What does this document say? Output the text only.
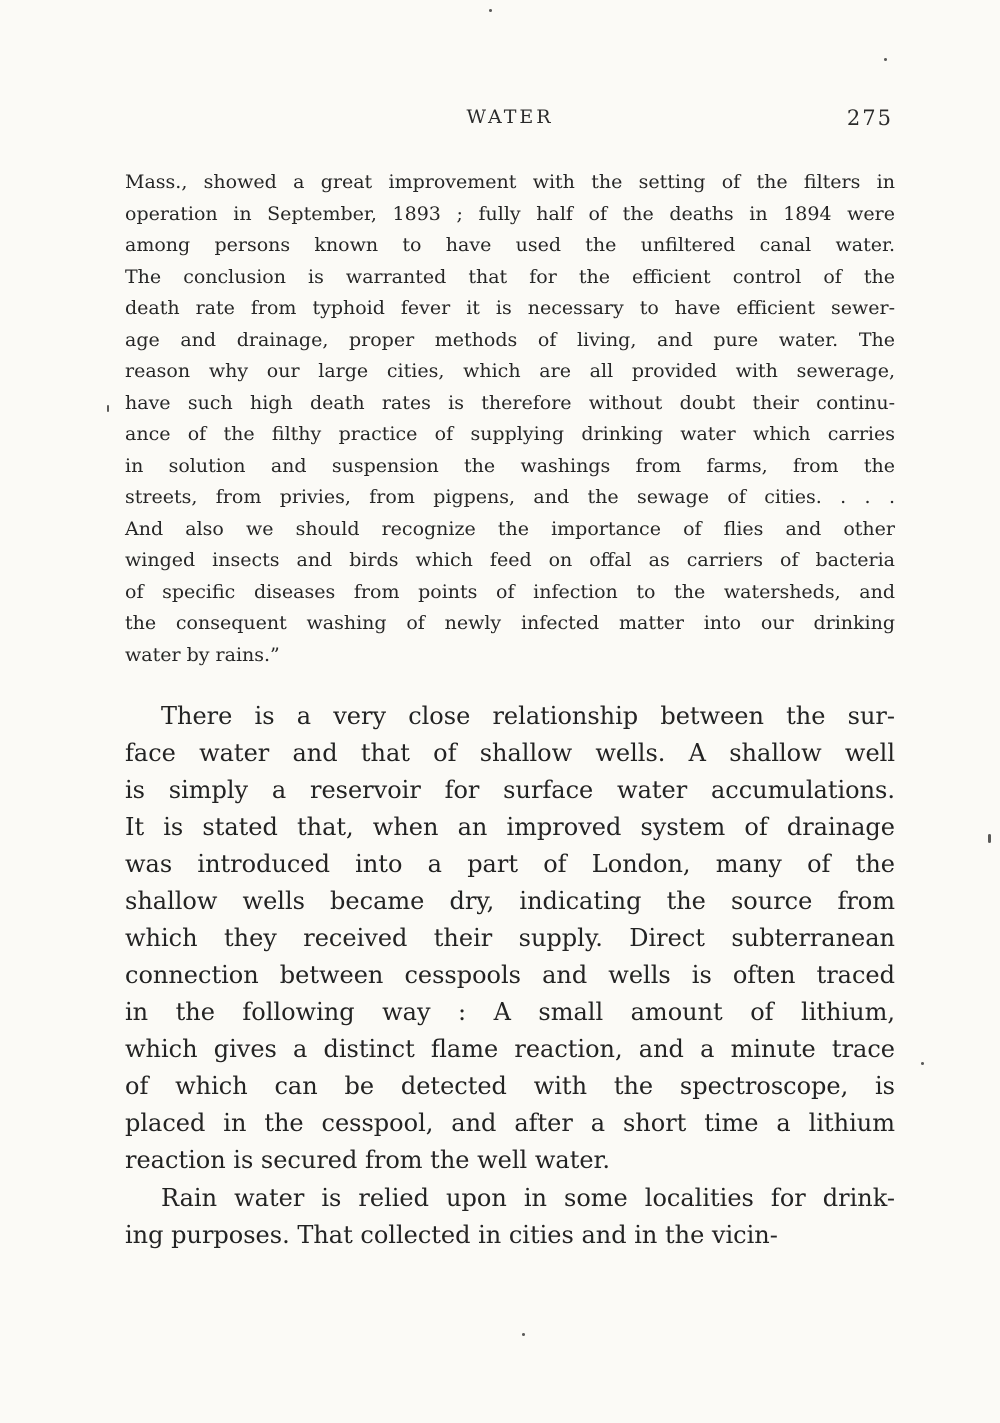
WATER	275
Mass., showed a great improvement with the setting of the filters in
operation in September, 1893 ; fully half of the deaths in 1894 were
among persons known to have used the unfiltered canal water.
The conclusion is warranted that for the efficient control of the
death rate from typhoid fever it is necessary to have efficient sewer-
age and drainage, proper methods of living, and pure water. The
reason why our large cities, which are all provided with sewerage,
have such high death rates is therefore without doubt their continu-
ance of the filthy practice of supplying drinking water which carries
in solution and suspension the washings from farms, from the
streets, from privies, from pigpens, and the sewage of cities. . . .
And also we should recognize the importance of flies and other
winged insects and birds which feed on offal as carriers of bacteria
of specific diseases from points of infection to the watersheds, and
the consequent washing of newly infected matter into our drinking
water by rains.”
There is a very close relationship between the sur-
face water and that of shallow wells. A shallow well
is simply a reservoir for surface water accumulations.
It is stated that, when an improved system of drainage
was introduced into a part of London, many of the
shallow wells became dry, indicating the source from
which they received their supply. Direct subterranean
connection between cesspools and wells is often traced
in the following way : A small amount of lithium,
which gives a distinct flame reaction, and a minute trace
of which can be detected with the spectroscope, is
placed in the cesspool, and after a short time a lithium
reaction is secured from the well water.
Rain water is relied upon in some localities for drink-
ing purposes. That collected in cities and in the vicin-
